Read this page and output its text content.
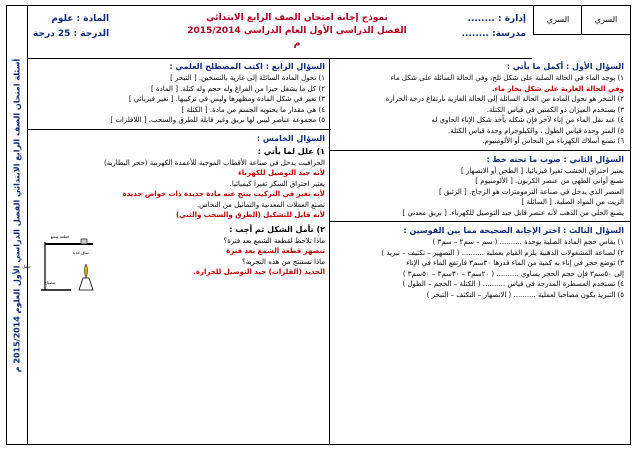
أسئلة امتحان الصف الرابع الابتدائي الفصل الدراسي الأول العلوم 2015/2014 م
السري
السري
إدارة : ........
مدرسة: ........
نموذج إجابة امتحان الصف الرابع الابتدائي
الفصل الدراسي الأول العام الدراسي 2015/2014 م
المادة : علوم
الدرجة : 25 درجة
السؤال الأول : أكمل ما يأتي :
١) يوجد الماء في الحالة الصلبة على شكل ثلج، وفي الحالة السائلة على شكل ماء
وفي الحالة الغازية على شكل بخار ماء.
٢) التبخر هو تحول المادة من الحالة السائلة إلى الحالة الغازية بارتفاع درجة الحرارة
٣) يستخدم الميزان ذو الكفتين في قياس الكتلة.
٤) عند نقل الماء من إناء لآخر فإن شكله يأخذ شكل الإناء الحاوي له
٥) المتر وحدة قياس الطول ، والكيلوجرام وحدة قياس الكتلة.
٦) تصنع أسلاك الكهرباء من النحاس أو الألومنيوم.
السؤال الثاني : صوب ما تحته خط :
يعتبر احتراق الخشب تغيرا فيزيائيا. [ الطحن أو الانصهار ]
تصنع أواني الطهي من عنصر الكربون. [ الألومنيوم ]
العنصر الذي يدخل في صناعة الترمومترات هو الزجاج. [ الزئبق ]
الزيت من المواد الصلبة. [ السائلة ]
يصنع الحلي من الذهب لأنه عنصر قابل جيد التوصيل للكهرباء. [ بريق معدني ]
السؤال الثالث : اختر الإجابة الصحيحة مما بين القوسين :
١) يقاس حجم المادة الصلبة بوحدة .......... ( سم – سم٢ – سم٣ )
٢) لصناعة المشغولات الذهبية يلزم القيام بعملية .......... ( التصهير – تكثيف – تبريد )
٣) توضع حجر في إناء به كمية من الماء قدرها ٣٠سم٣ فارتفع الماء في الإناء
إلى ٥٠سم٣ فإن حجم الحجر يساوي .......... ( ٢٠سم٣ – ٣٠سم٣ – ٥٠سم٣ )
٤) تستخدم المسطرة المدرجة في قياس .......... ( الكتلة – الحجم – الطول )
٥) التبريد يكون مصاحبا لعملية .......... ( الانصهار – التكثف – التبخر )
السؤال الرابع : اكتب المصطلح العلمي :
١) تحول المادة السائلة إلى غازية بالتسخين. [ التبخر ]
٢) كل ما يشغل حيزا من الفراغ وله حجم وله كتلة. [ المادة ]
٣) تغير في شكل المادة ومظهرها وليس في تركيبها. [ تغير فيزيائي ]
٤) هي مقدار ما يحتويه الجسم من مادة. [ الكتلة ]
٥) مجموعة عناصر ليس لها بريق وغير قابلة للطرق والسحب. [ اللافلزات ]
السؤال الخامس :
١) علل لما يأتي :
الجرافيت يدخل في صناعة الأقطاب الموجبة للأعمدة الكهربية (حجر البطارية)
لأنه جيد التوصيل للكهرباء
يعتبر احتراق السكر تغيرا كيميائيا.
لأنه تغير في التركيب ينتج عنه مادة جديدة ذات خواص جديدة
تصنع العملات المعدنية والتماثيل من النحاس.
لأنه قابل للتشكيل (الطرق والسحب والثني)
٢) تأمل الشكل ثم أجب :
ماذا تلاحظ لقطعة الشمع بعد فترة؟
تنصهر قطعة الشمع بعد فترة
ماذا تستنتج من هذه التجربة؟
الحديد (الفلزات) جيد التوصيل للحرارة.
قطعة شمع
حامل
ساق حديد
مصباح
